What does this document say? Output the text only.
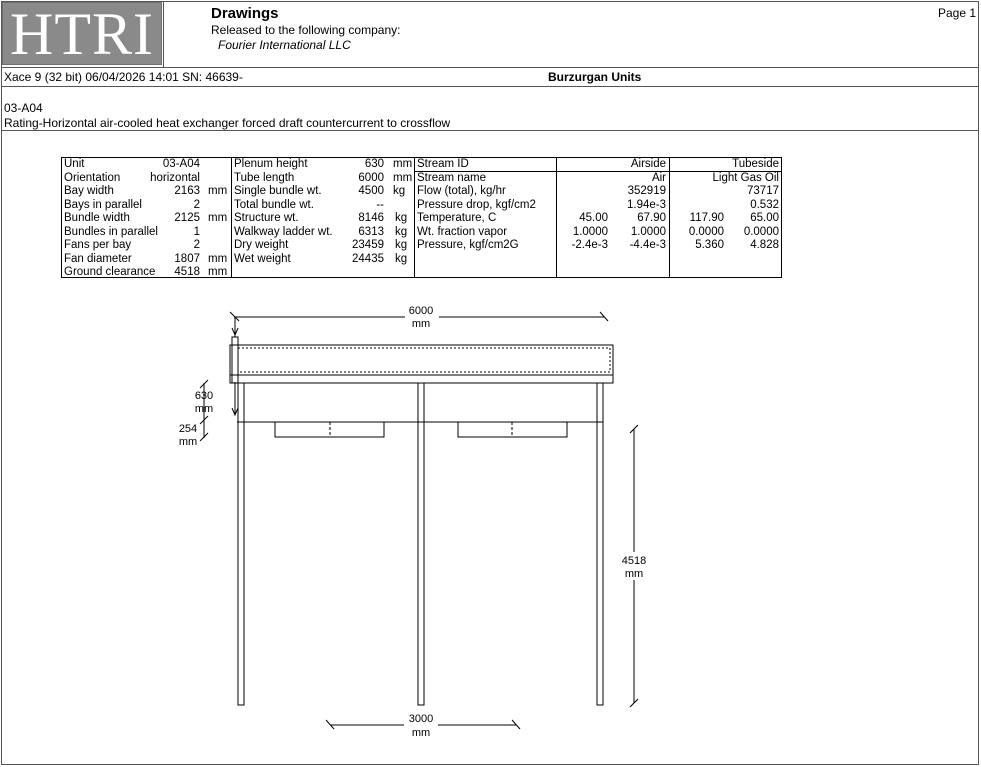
HTRI	Drawings
Released to the following company:
Fourier International LLC
Page 1
Xace 9 (32 bit) 06/04/2026 14:01 SN: 46639-	Burzurgan Units
03-A04
Rating-Horizontal air-cooled heat exchanger forced draft countercurrent to crossflow
Unit	03-A04
Orientation	horizontal
Bay width	2163 mm
Bays in parallel	2
Bundle width	2125 mm
Bundles in parallel	1
Fans per bay	2
Fan diameter	1807 mm
Ground clearance	4518 mm
Plenum height	630 mm
Tube length	6000 mm
Single bundle wt.	4500 kg
Total bundle wt.	--
Structure wt.	8146 kg
Walkway ladder wt.	6313 kg
Dry weight	23459 kg
Wet weight	24435 kg
Stream ID	Airside	Tubeside
Stream name	Air	Light Gas Oil
Flow (total), kg/hr	352919	73717
Pressure drop, kgf/cm2	1.94e-3	0.532
Temperature, C	45.00	67.90	117.90	65.00
Wt. fraction vapor	1.0000	1.0000	0.0000	0.0000
Pressure, kgf/cm2G	-2.4e-3	-4.4e-3	5.360	4.828
6000
mm
630
mm
254
mm
4518
mm
3000
mm
